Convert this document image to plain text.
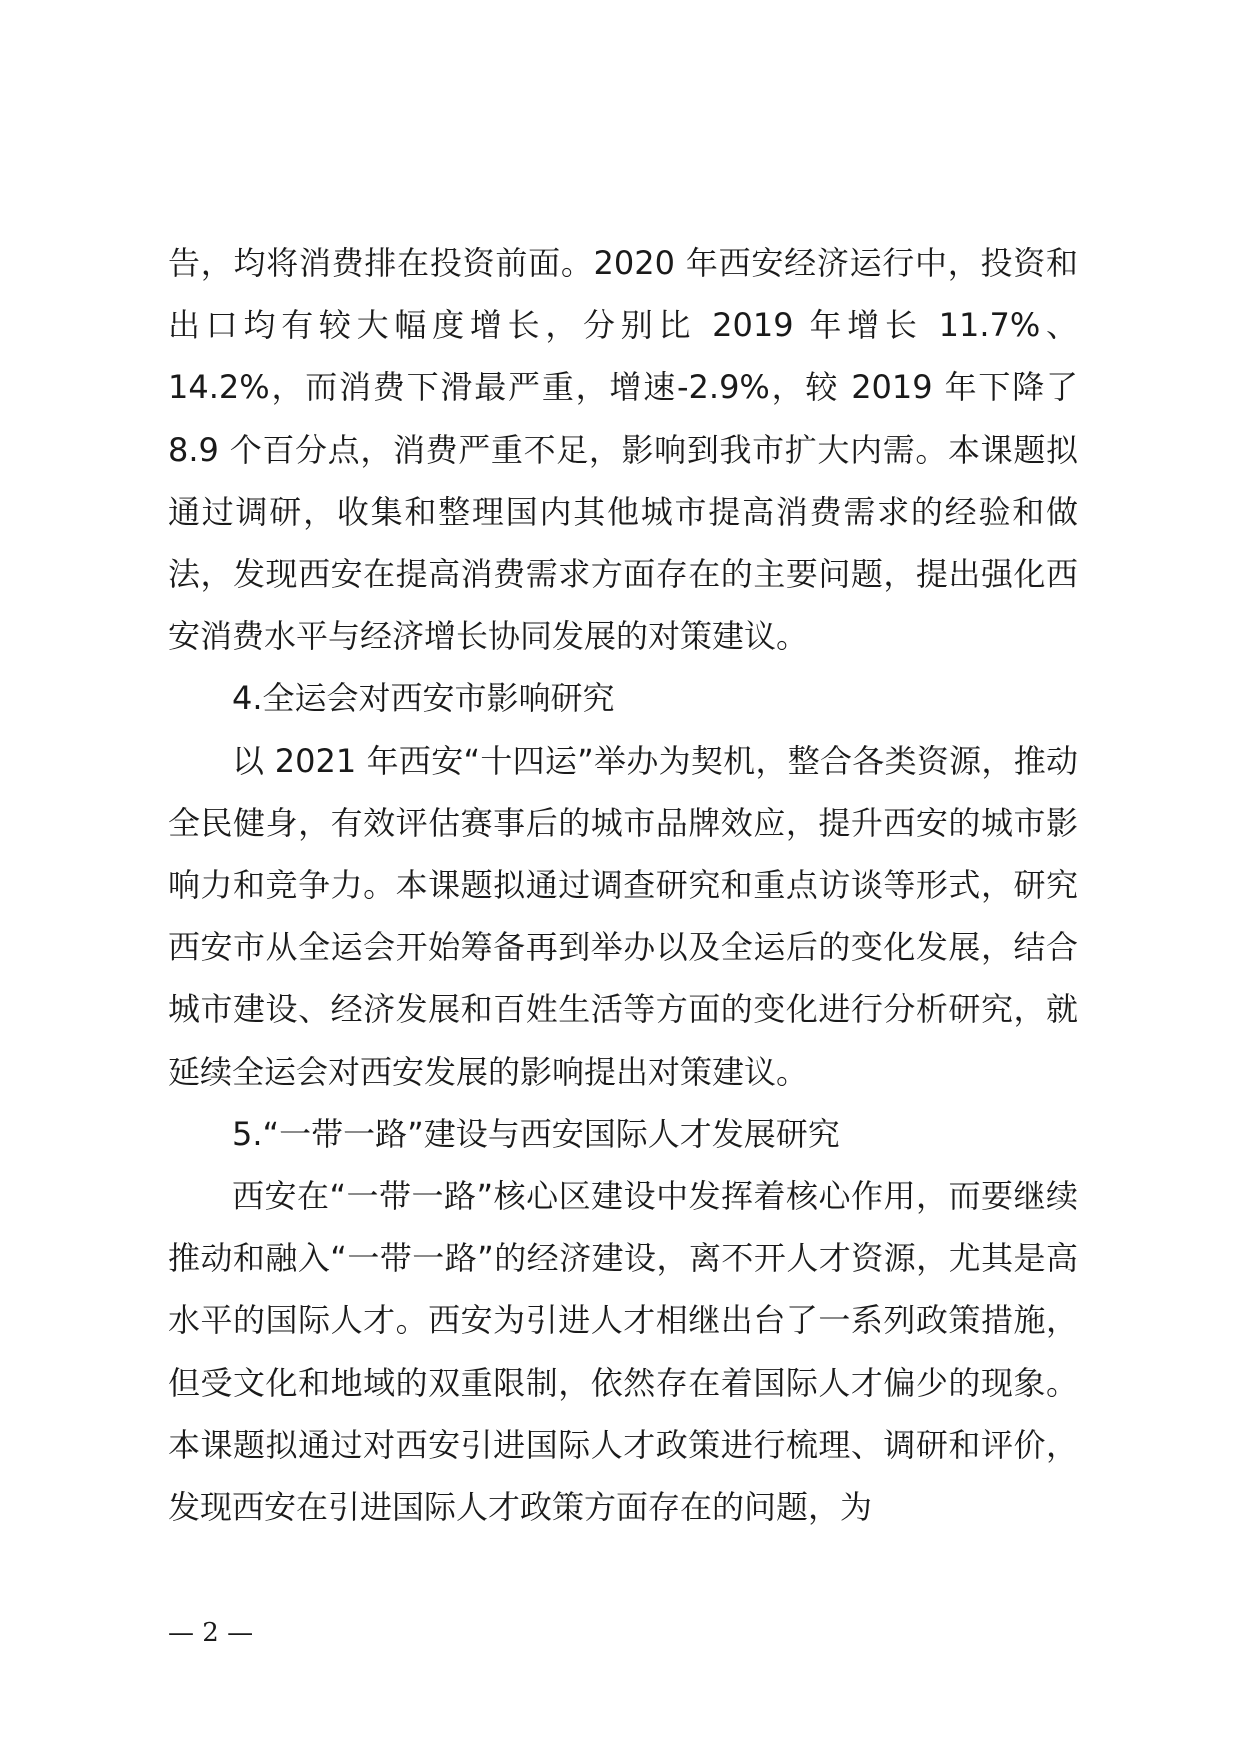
告，均将消费排在投资前面。2020 年西安经济运行中，投资和出口均有较大幅度增长，分别比 2019 年增长 11.7%、14.2%，而消费下滑最严重，增速-2.9%，较 2019 年下降了 8.9 个百分点，消费严重不足，影响到我市扩大内需。本课题拟通过调研，收集和整理国内其他城市提高消费需求的经验和做法，发现西安在提高消费需求方面存在的主要问题，提出强化西安消费水平与经济增长协同发展的对策建议。

4.全运会对西安市影响研究

以 2021 年西安“十四运”举办为契机，整合各类资源，推动全民健身，有效评估赛事后的城市品牌效应，提升西安的城市影响力和竞争力。本课题拟通过调查研究和重点访谈等形式，研究西安市从全运会开始筹备再到举办以及全运后的变化发展，结合城市建设、经济发展和百姓生活等方面的变化进行分析研究，就延续全运会对西安发展的影响提出对策建议。

5.“一带一路”建设与西安国际人才发展研究

西安在“一带一路”核心区建设中发挥着核心作用，而要继续推动和融入“一带一路”的经济建设，离不开人才资源，尤其是高水平的国际人才。西安为引进人才相继出台了一系列政策措施，但受文化和地域的双重限制，依然存在着国际人才偏少的现象。本课题拟通过对西安引进国际人才政策进行梳理、调研和评价，发现西安在引进国际人才政策方面存在的问题，为

— 2 —
